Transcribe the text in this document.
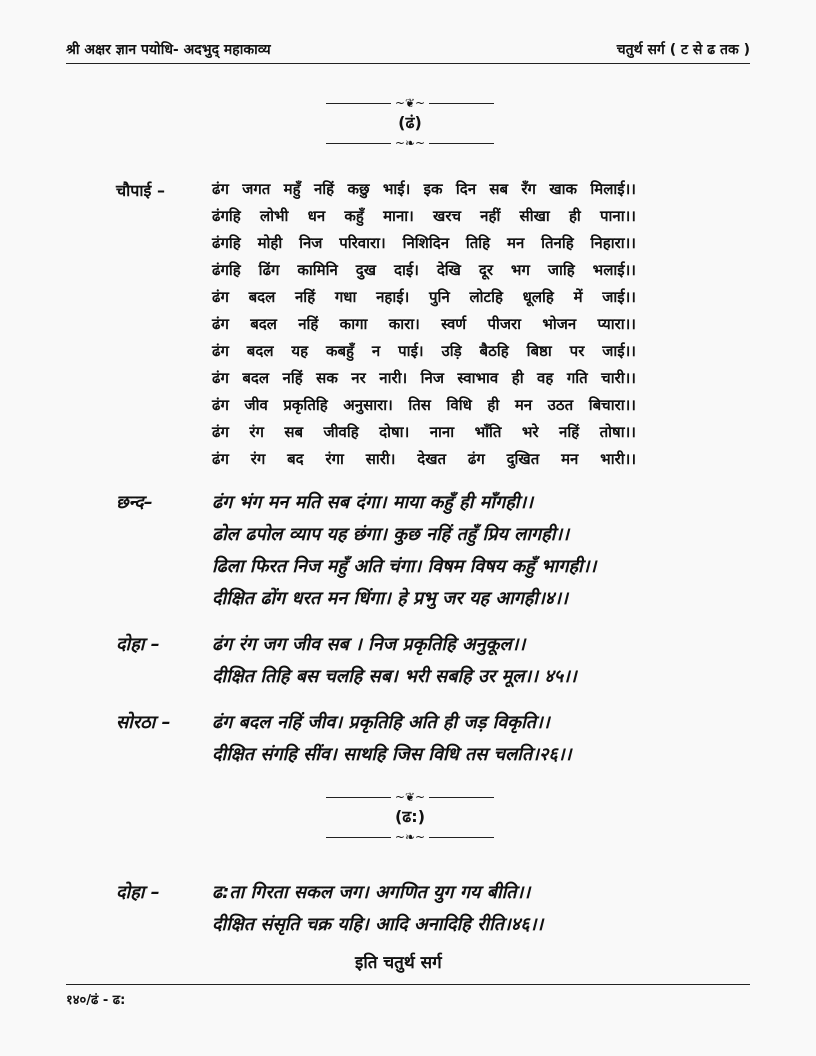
श्री अक्षर ज्ञान पयोधि- अदभुद् महाकाव्य	चतुर्थ सर्ग ( ट से ढ तक )
~❦~
(ढं)
~❧~
चौपाई –	ढंग जगत महुँ नहिं कछु भाई। इक दिन सब रँग खाक मिलाई।।
ढंगहि लोभी धन कहुँ माना। खरच नहीं सीखा ही पाना।।
ढंगहि मोही निज परिवारा। निशिदिन तिहि मन तिनहि निहारा।।
ढंगहि ढिंग कामिनि दुख दाई। देखि दूर भग जाहि भलाई।।
ढंग बदल नहिं गधा नहाई। पुनि लोटहि धूलहि में जाई।।
ढंग बदल नहिं कागा कारा। स्वर्ण पीजरा भोजन प्यारा।।
ढंग बदल यह कबहुँ न पाई। उड़ि बैठहि बिष्ठा पर जाई।।
ढंग बदल नहिं सक नर नारी। निज स्वाभाव ही वह गति चारी।।
ढंग जीव प्रकृतिहि अनुसारा। तिस विधि ही मन उठत बिचारा।।
ढंग रंग सब जीवहि दोषा। नाना भाँति भरे नहिं तोषा।।
ढंग रंग बद रंगा सारी। देखत ढंग दुखित मन भारी।।
छन्द–	ढंग भंग मन मति सब दंगा। माया कहुँ ही माँगही।।
ढोल ढपोल व्याप यह छंगा। कुछ नहिं तहुँ प्रिय लागही।।
ढिला फिरत निज महुँ अति चंगा। विषम विषय कहुँ भागही।।
दीक्षित ढोंग धरत मन धिंगा। हे प्रभु जर यह आगही।४।।
दोहा –	ढंग रंग जग जीव सब । निज प्रकृतिहि अनुकूल।।
दीक्षित तिहि बस चलहि सब। भरी सबहि उर मूल।। ४५।।
सोरठा – ढंग बदल नहिं जीव। प्रकृतिहि अति ही जड़ विकृति।।
दीक्षित संगहि सींव। साथहि जिस विधि तस चलति।२६।।
~❦~
(ढ:)
~❧~
दोहा –	ढ:ता गिरता सकल जग। अगणित युग गय बीति।।
दीक्षित संसृति चक्र यहि। आदि अनादिहि रीति।४६।।
इति चतुर्थ सर्ग
१४०/ढं - ढ:
